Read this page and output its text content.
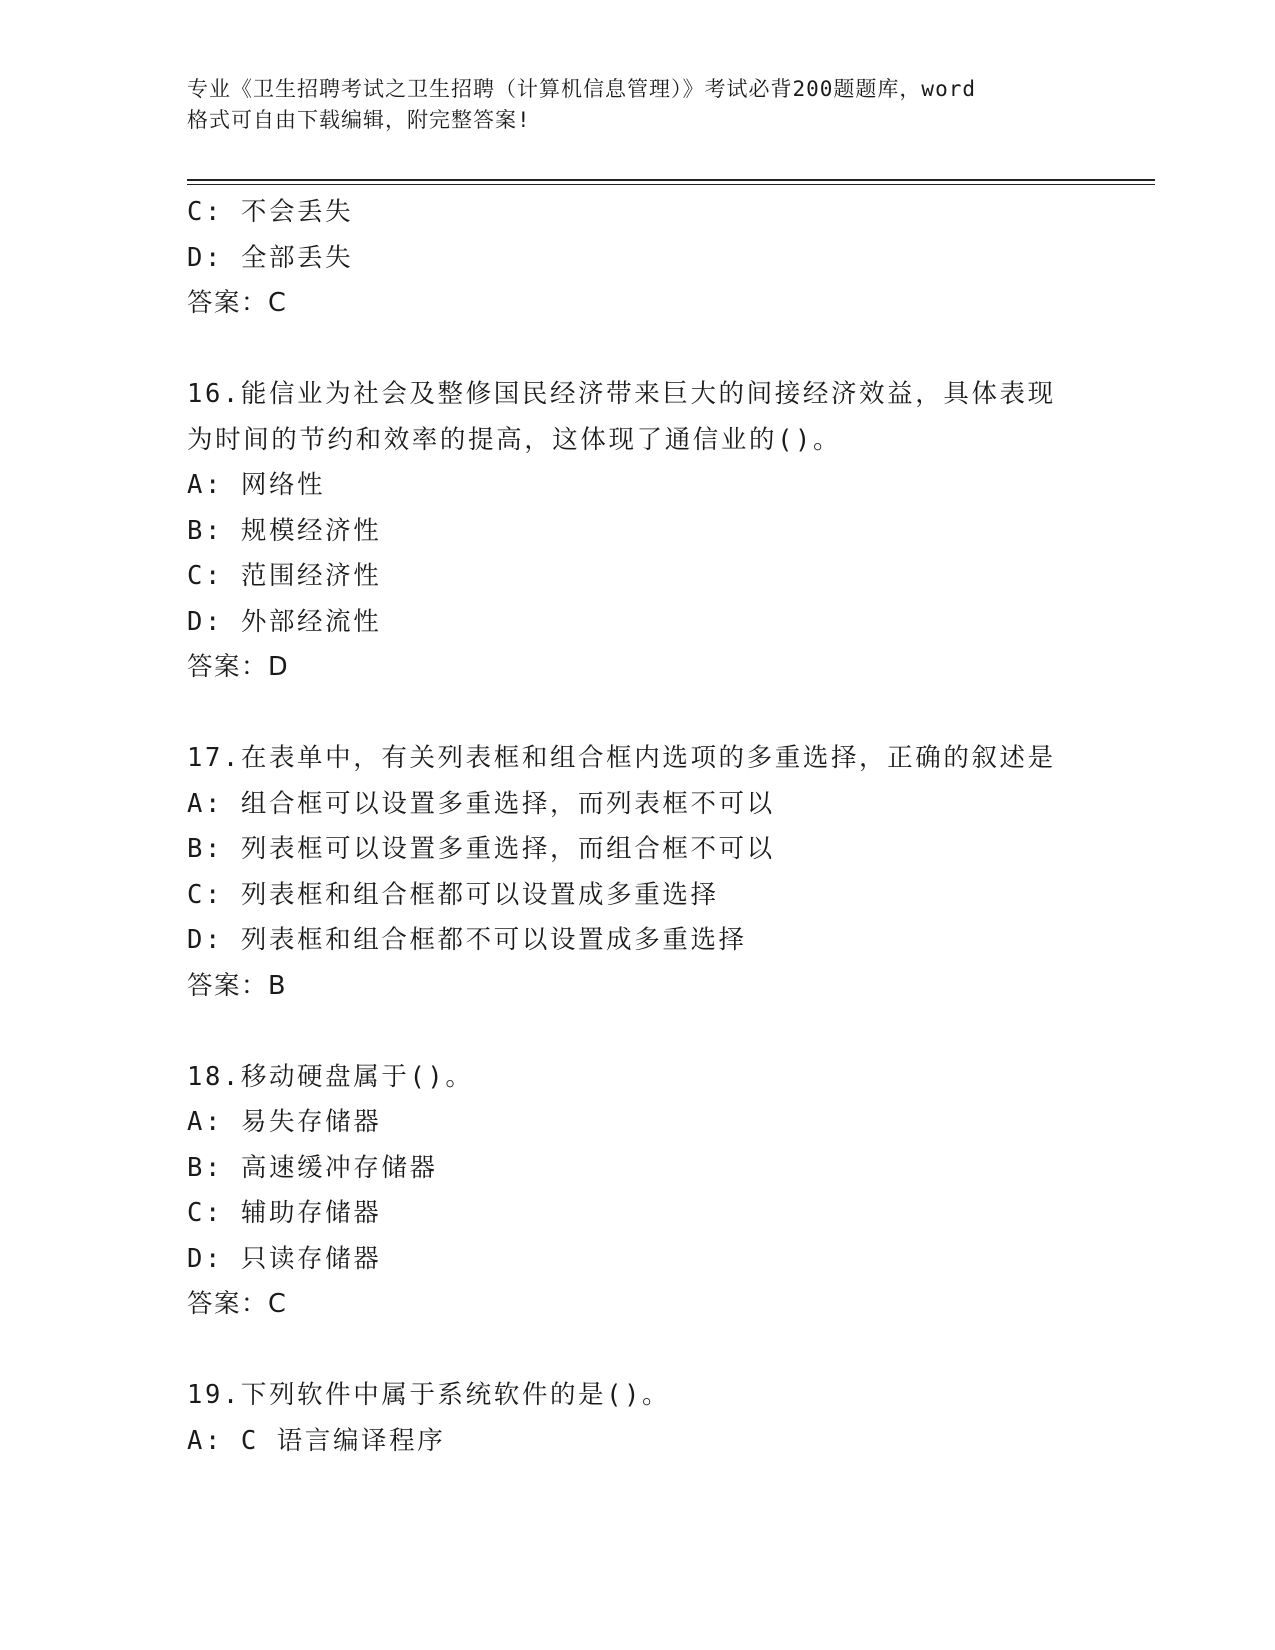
专业《卫生招聘考试之卫生招聘（计算机信息管理）》考试必背200题题库，word
格式可自由下载编辑，附完整答案!
C: 不会丢失
D: 全部丢失
答案：C
16.能信业为社会及整修国民经济带来巨大的间接经济效益，具体表现
为时间的节约和效率的提高，这体现了通信业的()。
A: 网络性
B: 规模经济性
C: 范围经济性
D: 外部经流性
答案：D
17.在表单中，有关列表框和组合框内选项的多重选择，正确的叙述是
A: 组合框可以设置多重选择，而列表框不可以
B: 列表框可以设置多重选择，而组合框不可以
C: 列表框和组合框都可以设置成多重选择
D: 列表框和组合框都不可以设置成多重选择
答案：B
18.移动硬盘属于()。
A: 易失存储器
B: 高速缓冲存储器
C: 辅助存储器
D: 只读存储器
答案：C
19.下列软件中属于系统软件的是()。
A: C 语言编译程序
